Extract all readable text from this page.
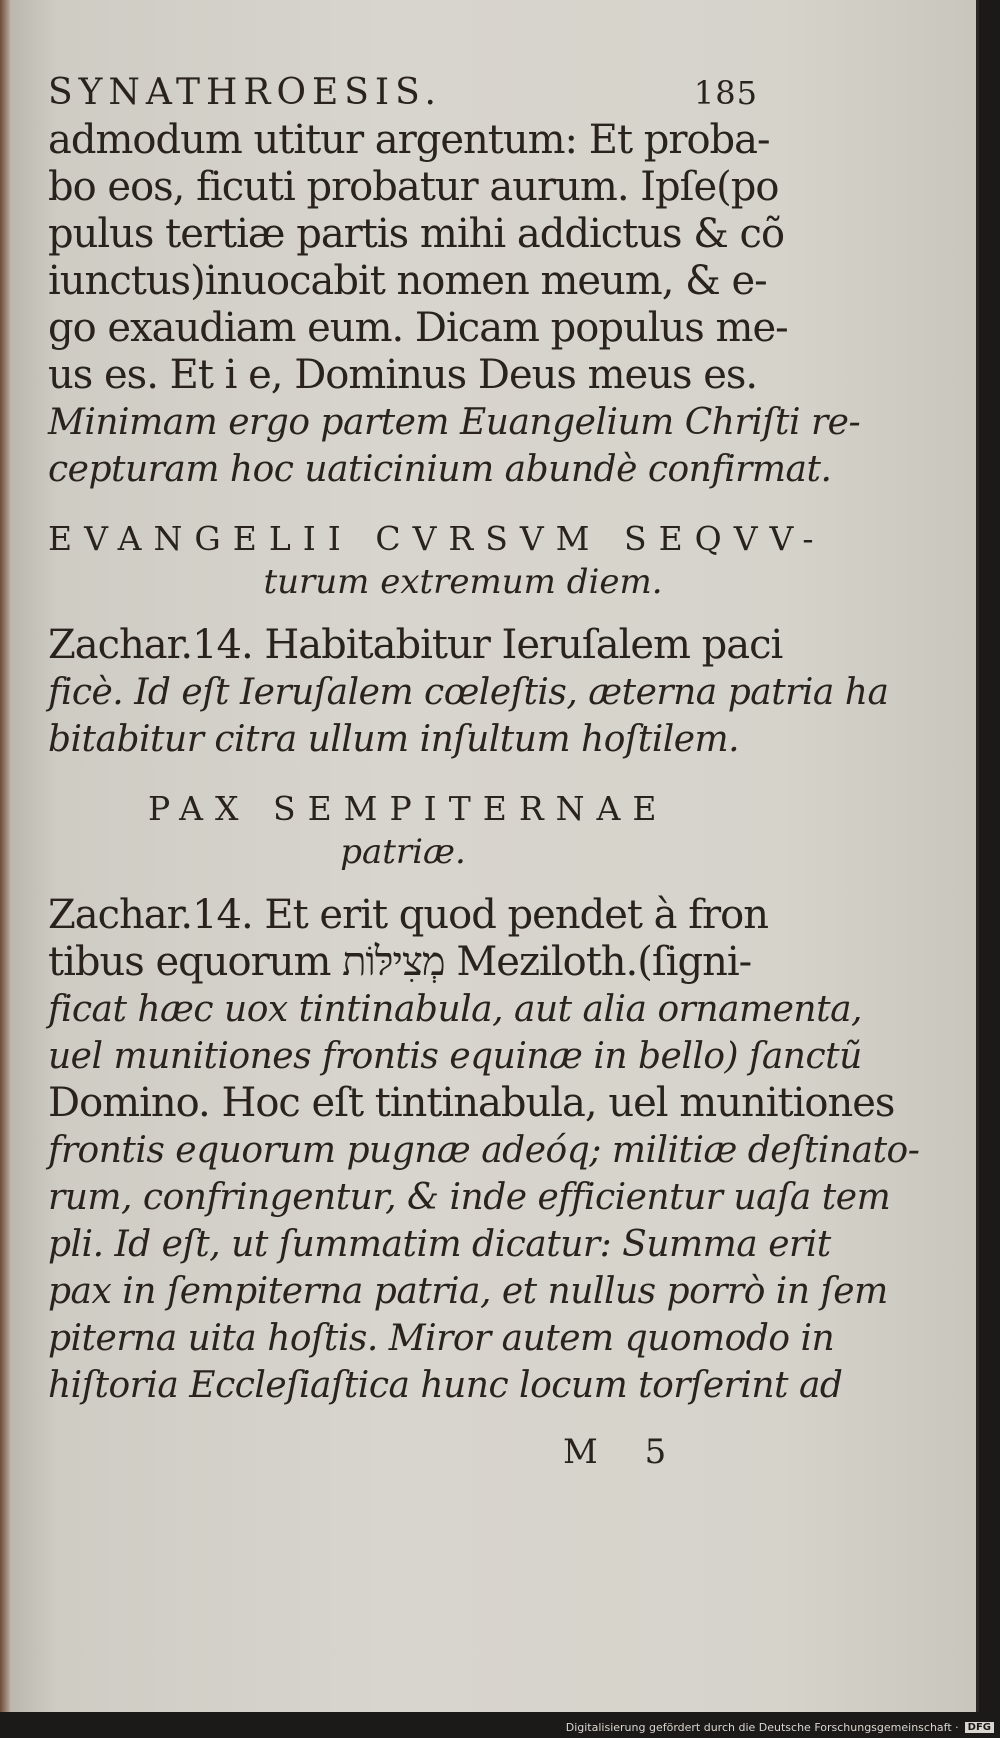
SYNATHROESIS.	185
admodum utitur argentum: Et proba-
bo eos, ficuti probatur aurum. Ipſe(po
pulus tertiæ partis mihi addictus & cõ
iunctus)inuocabit nomen meum, & e-
go exaudiam eum. Dicam populus me-
us es. Et i e, Dominus Deus meus es.
Minimam ergo partem Euangelium Chriſti re-
cepturam hoc uaticinium abundè confirmat.
EVANGELII CVRSVM SEQVV-
turum extremum diem.
Zachar.14. Habitabitur Ieruſalem paci
ficè. Id eſt Ieruſalem cœleſtis, æterna patria ha
bitabitur citra ullum inſultum hoſtilem.
PAX SEMPITERNAE
patriæ.
Zachar.14. Et erit quod pendet à fron
tibus equorum מְצִילּוֹת Meziloth.(ſigni-
ficat hæc uox tintinabula, aut alia ornamenta,
uel munitiones frontis equinæ in bello) ſanctũ
Domino. Hoc eſt tintinabula, uel munitiones
frontis equorum pugnæ adeóq; militiæ deſtinato-
rum, confringentur, & inde efficientur uaſa tem
pli. Id eſt, ut ſummatim dicatur: Summa erit
pax in ſempiterna patria, et nullus porrò in ſem
piterna uita hoſtis. Miror autem quomodo in
hiſtoria Eccleſiaſtica hunc locum torſerint ad
M 5
Digitalisierung gefördert durch die Deutsche Forschungsgemeinschaft · DFG
